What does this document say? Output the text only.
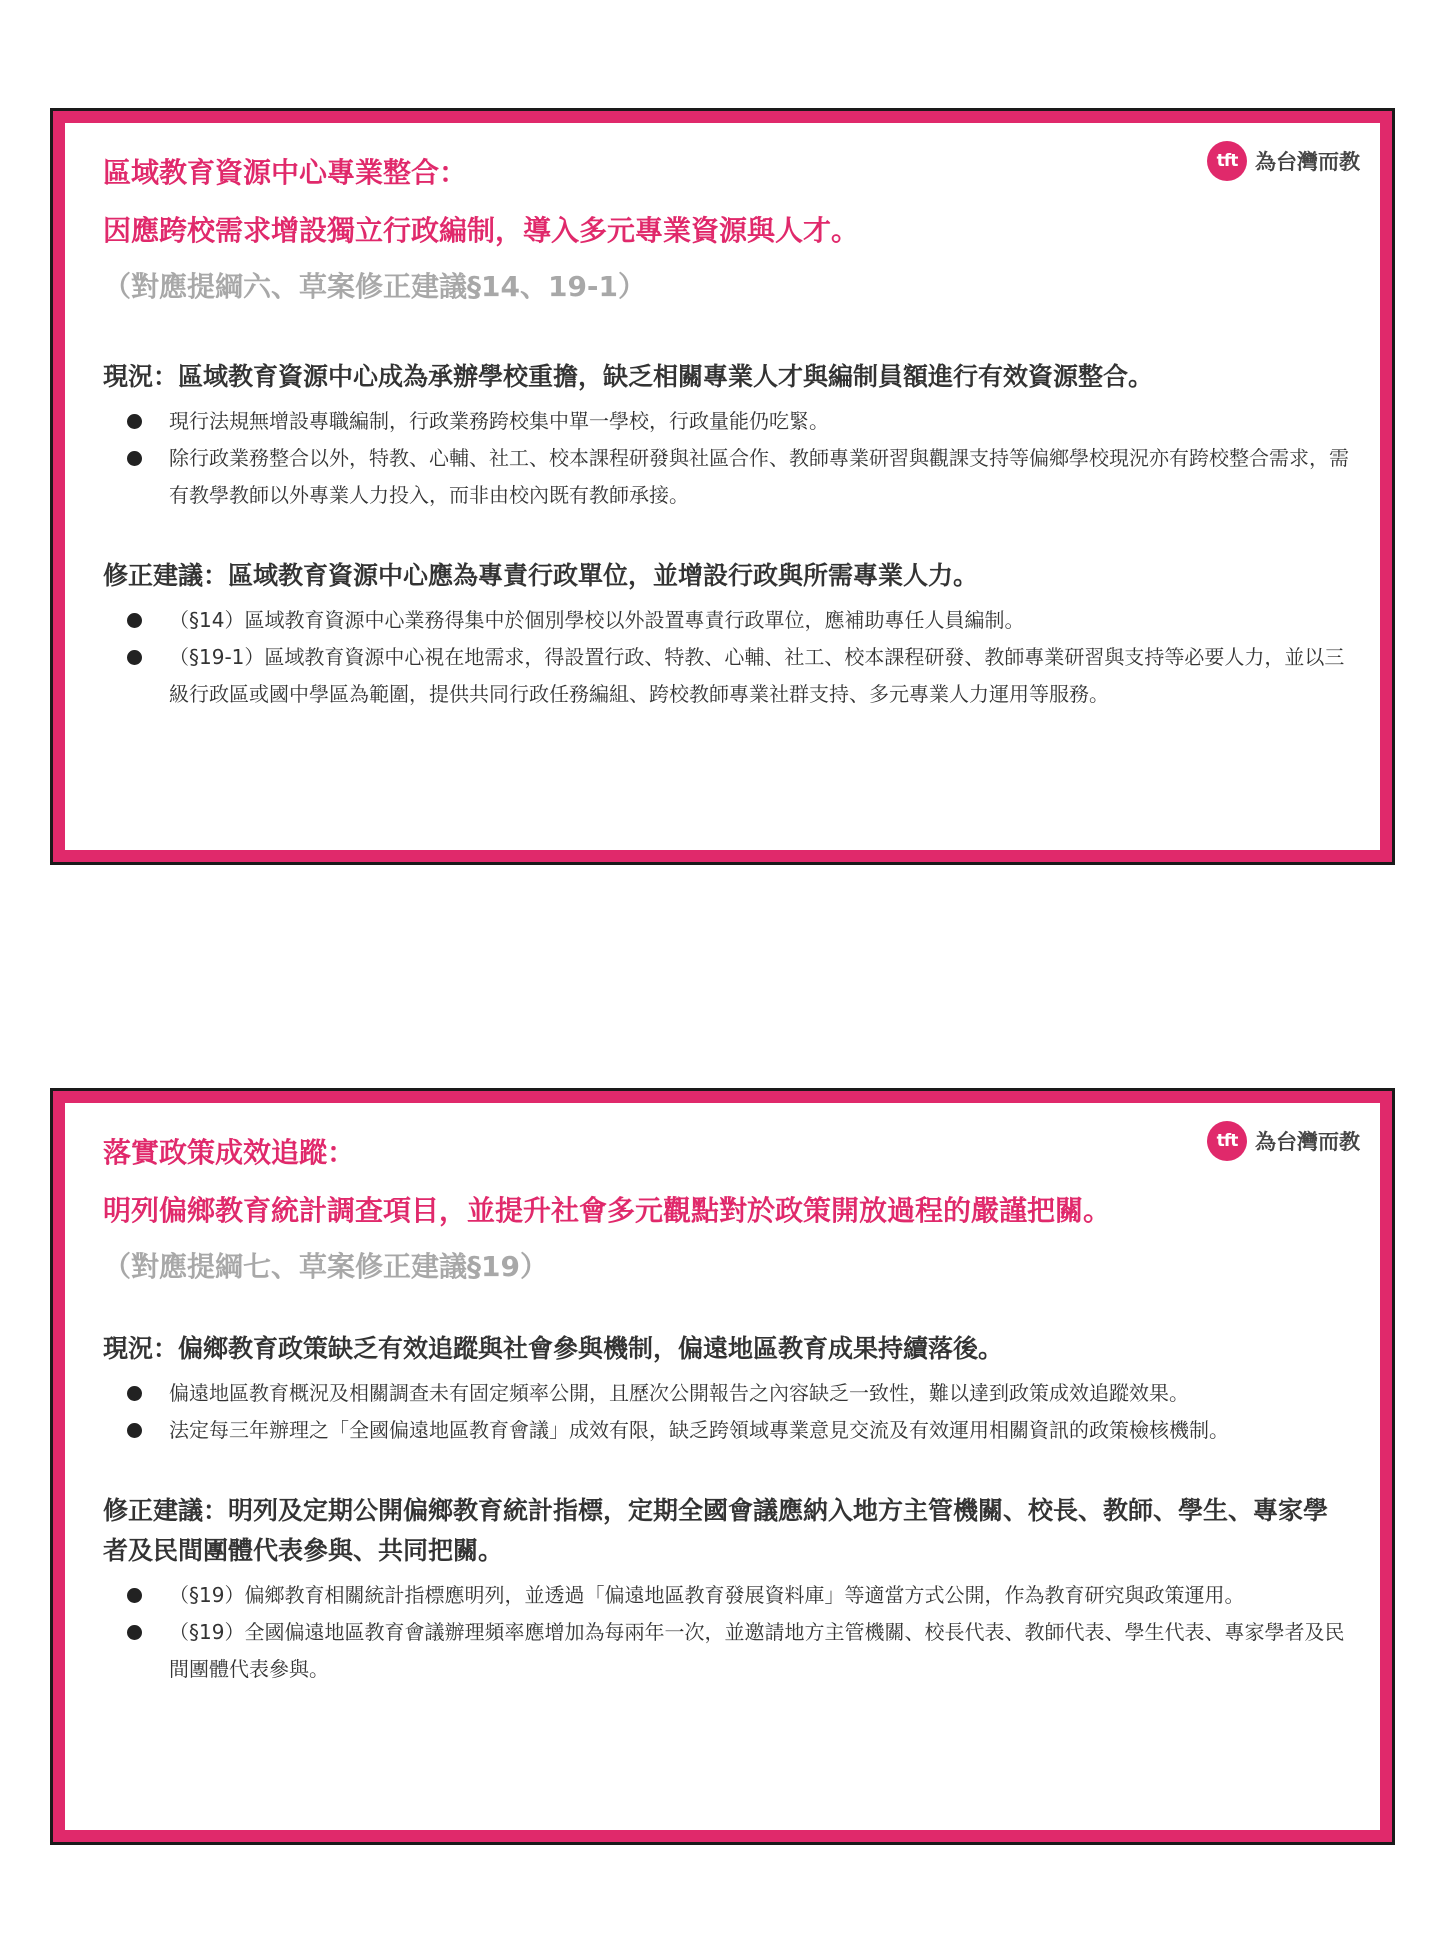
tft 為台灣而教

區域教育資源中心專業整合：

因應跨校需求增設獨立行政編制，導入多元專業資源與人才。

（對應提綱六、草案修正建議§14、19-1）

現況：區域教育資源中心成為承辦學校重擔，缺乏相關專業人才與編制員額進行有效資源整合。

現行法規無增設專職編制，行政業務跨校集中單一學校，行政量能仍吃緊。
除行政業務整合以外，特教、心輔、社工、校本課程研發與社區合作、教師專業研習與觀課支持等偏鄉學校現況亦有跨校整合需求，需有教學教師以外專業人力投入，而非由校內既有教師承接。

修正建議：區域教育資源中心應為專責行政單位，並增設行政與所需專業人力。

（§14）區域教育資源中心業務得集中於個別學校以外設置專責行政單位，應補助專任人員編制。
（§19-1）區域教育資源中心視在地需求，得設置行政、特教、心輔、社工、校本課程研發、教師專業研習與支持等必要人力，並以三級行政區或國中學區為範圍，提供共同行政任務編組、跨校教師專業社群支持、多元專業人力運用等服務。
tft 為台灣而教

落實政策成效追蹤：

明列偏鄉教育統計調查項目，並提升社會多元觀點對於政策開放過程的嚴謹把關。

（對應提綱七、草案修正建議§19）

現況：偏鄉教育政策缺乏有效追蹤與社會參與機制，偏遠地區教育成果持續落後。

偏遠地區教育概況及相關調查未有固定頻率公開，且歷次公開報告之內容缺乏一致性，難以達到政策成效追蹤效果。
法定每三年辦理之「全國偏遠地區教育會議」成效有限，缺乏跨領域專業意見交流及有效運用相關資訊的政策檢核機制。

修正建議：明列及定期公開偏鄉教育統計指標，定期全國會議應納入地方主管機關、校長、教師、學生、專家學者及民間團體代表參與、共同把關。

（§19）偏鄉教育相關統計指標應明列，並透過「偏遠地區教育發展資料庫」等適當方式公開，作為教育研究與政策運用。
（§19）全國偏遠地區教育會議辦理頻率應增加為每兩年一次，並邀請地方主管機關、校長代表、教師代表、學生代表、專家學者及民間團體代表參與。
